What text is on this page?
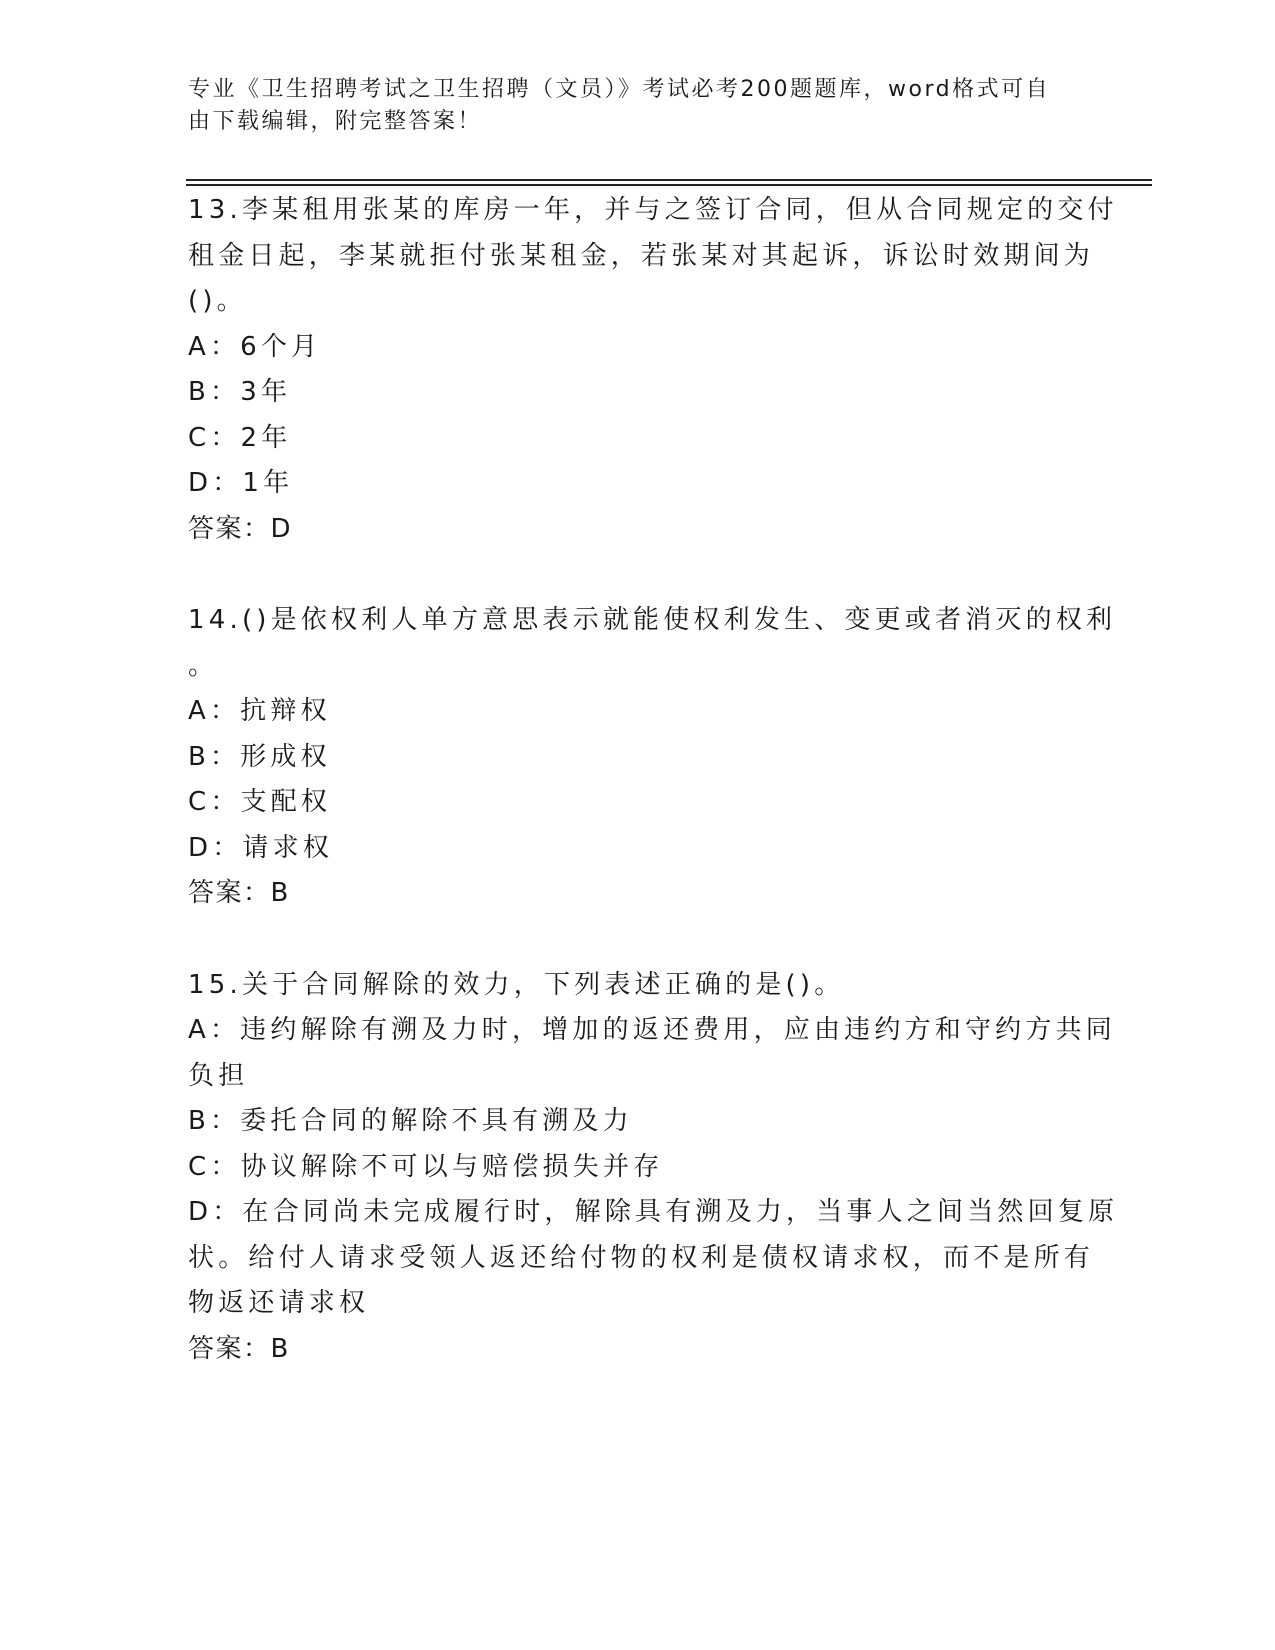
专业《卫生招聘考试之卫生招聘（文员）》考试必考200题题库，word格式可自
由下载编辑，附完整答案！
13.李某租用张某的库房一年，并与之签订合同，但从合同规定的交付
租金日起，李某就拒付张某租金，若张某对其起诉，诉讼时效期间为
()。
A：6个月
B：3年
C：2年
D：1年
答案：D
14.()是依权利人单方意思表示就能使权利发生、变更或者消灭的权利
。
A：抗辩权
B：形成权
C：支配权
D：请求权
答案：B
15.关于合同解除的效力，下列表述正确的是()。
A：违约解除有溯及力时，增加的返还费用，应由违约方和守约方共同
负担
B：委托合同的解除不具有溯及力
C：协议解除不可以与赔偿损失并存
D：在合同尚未完成履行时，解除具有溯及力，当事人之间当然回复原
状。给付人请求受领人返还给付物的权利是债权请求权，而不是所有
物返还请求权
答案：B
